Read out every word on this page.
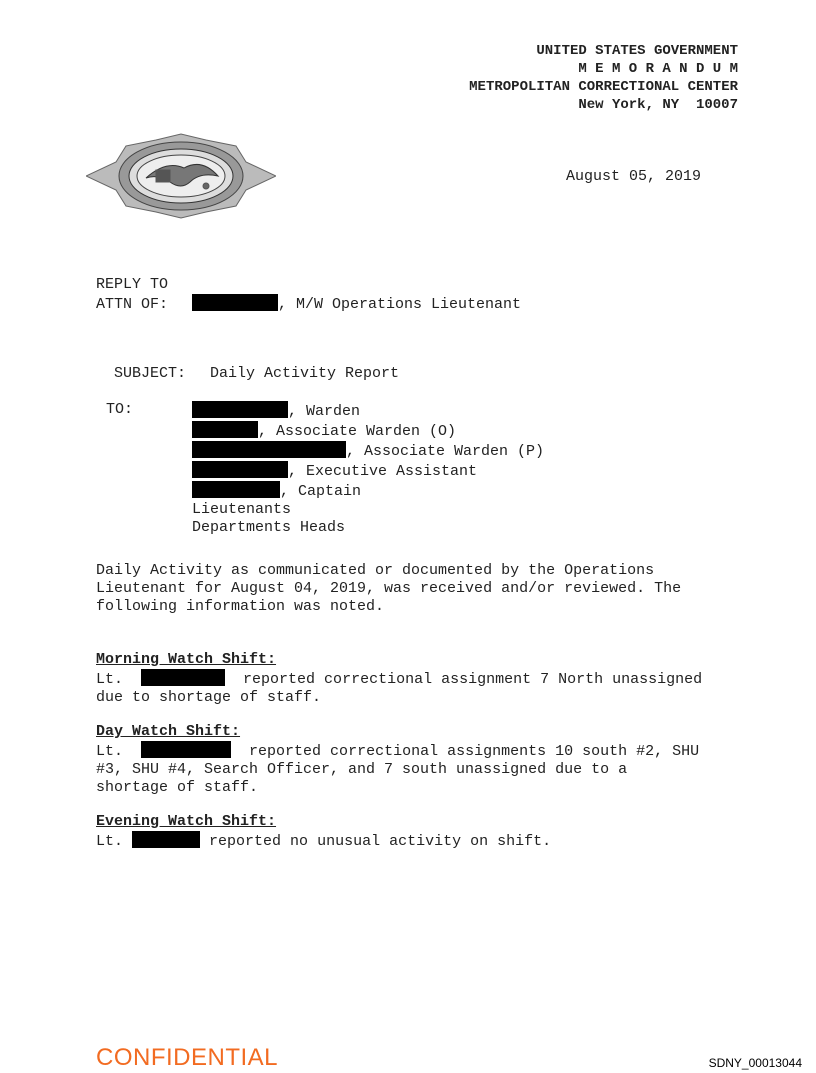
UNITED STATES GOVERNMENT
M E M O R A N D U M
METROPOLITAN CORRECTIONAL CENTER
New York, NY  10007
August 05, 2019
REPLY TO
ATTN OF:	, M/W Operations Lieutenant

SUBJECT: Daily Activity Report

TO:	, Warden
, Associate Warden (O)
, Associate Warden (P)
, Executive Assistant
, Captain
Lieutenants
Departments Heads
Daily Activity as communicated or documented by the Operations
Lieutenant for August 04, 2019, was received and/or reviewed. The
following information was noted.
Morning Watch Shift:
Lt.	reported correctional assignment 7 North unassigned
due to shortage of staff.
Day Watch Shift:
Lt.	reported correctional assignments 10 south #2, SHU
#3, SHU #4, Search Officer, and 7 south unassigned due to a
shortage of staff.
Evening Watch Shift:
Lt.	reported no unusual activity on shift.
CONFIDENTIAL	SDNY_00013044
